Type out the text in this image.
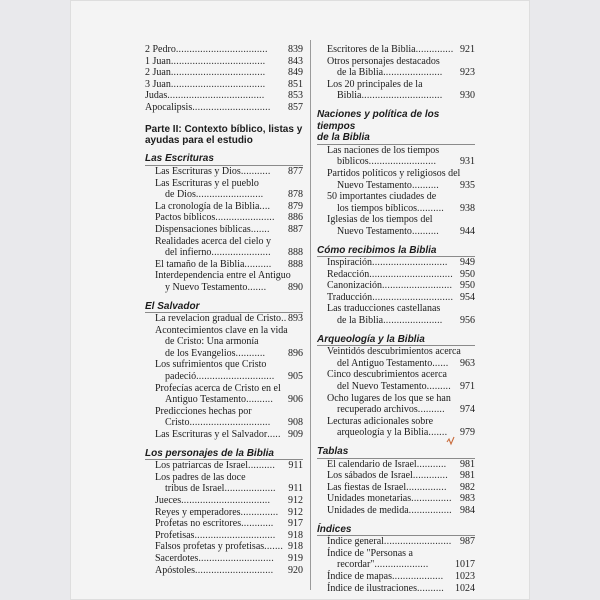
2 Pedro.................................. 839
1 Juan................................... 843
2 Juan................................... 849
3 Juan................................... 851
Judas.................................... 853
Apocalipsis............................. 857
Parte II: Contexto bíblico, listas y
ayudas para el estudio
Las Escrituras
Las Escrituras y Dios........... 877
Las Escrituras y el pueblo
de Dios......................... 878
La cronología de la Biblia.... 879
Pactos bíblicos...................... 886
Dispensaciones bíblicas....... 887
Realidades acerca del cielo y
del infierno...................... 888
El tamaño de la Biblia.......... 888
Interdependencia entre el Antiguo
y Nuevo Testamento....... 890
El Salvador
La revelacion gradual de Cristo.. 893
Acontecimientos clave en la vida
de Cristo: Una armonía
de los Evangelios........... 896
Los sufrimientos que Cristo
padeció............................. 905
Profecías acerca de Cristo en el
Antiguo Testamento.......... 906
Predicciones hechas por
Cristo.............................. 908
Las Escrituras y el Salvador..... 909
Los personajes de la Biblia
Los patriarcas de Israel.......... 911
Los padres de las doce
tribus de Israel................... 911
Jueces................................. 912
Reyes y emperadores.............. 912
Profetas no escritores............ 917
Profetisas.............................. 918
Falsos profetas y profetisas....... 918
Sacerdotes............................ 919
Apóstoles............................. 920
Escritores de la Biblia.............. 921
Otros personajes destacados
de la Biblia...................... 923
Los 20 principales de la
Biblia.............................. 930
Naciones y política de los tiempos
de la Biblia
Las naciones de los tiempos
bíblicos......................... 931
Partidos políticos y religiosos del
Nuevo Testamento.......... 935
50 importantes ciudades de
los tiempos bíblicos.......... 938
Iglesias de los tiempos del
Nuevo Testamento.......... 944
Cómo recibimos la Biblia
Inspiración............................ 949
Redacción............................... 950
Canonización.......................... 950
Traducción.............................. 954
Las traducciones castellanas
de la Biblia...................... 956
Arqueología y la Biblia
Veintidós descubrimientos acerca
del Antiguo Testamento...... 963
Cinco descubrimientos acerca
del Nuevo Testamento......... 971
Ocho lugares de los que se han
recuperado archivos.......... 974
Lecturas adicionales sobre
arqueología y la Biblia....... 979
Tablas
El calendario de Israel........... 981
Los sábados de Israel............. 981
Las fiestas de Israel............... 982
Unidades monetarias............... 983
Unidades de medida................ 984
Índices
Índice general......................... 987
Índice de "Personas a
recordar"....................	1017
Índice de mapas................... 1023
Índice de ilustraciones.......... 1024
